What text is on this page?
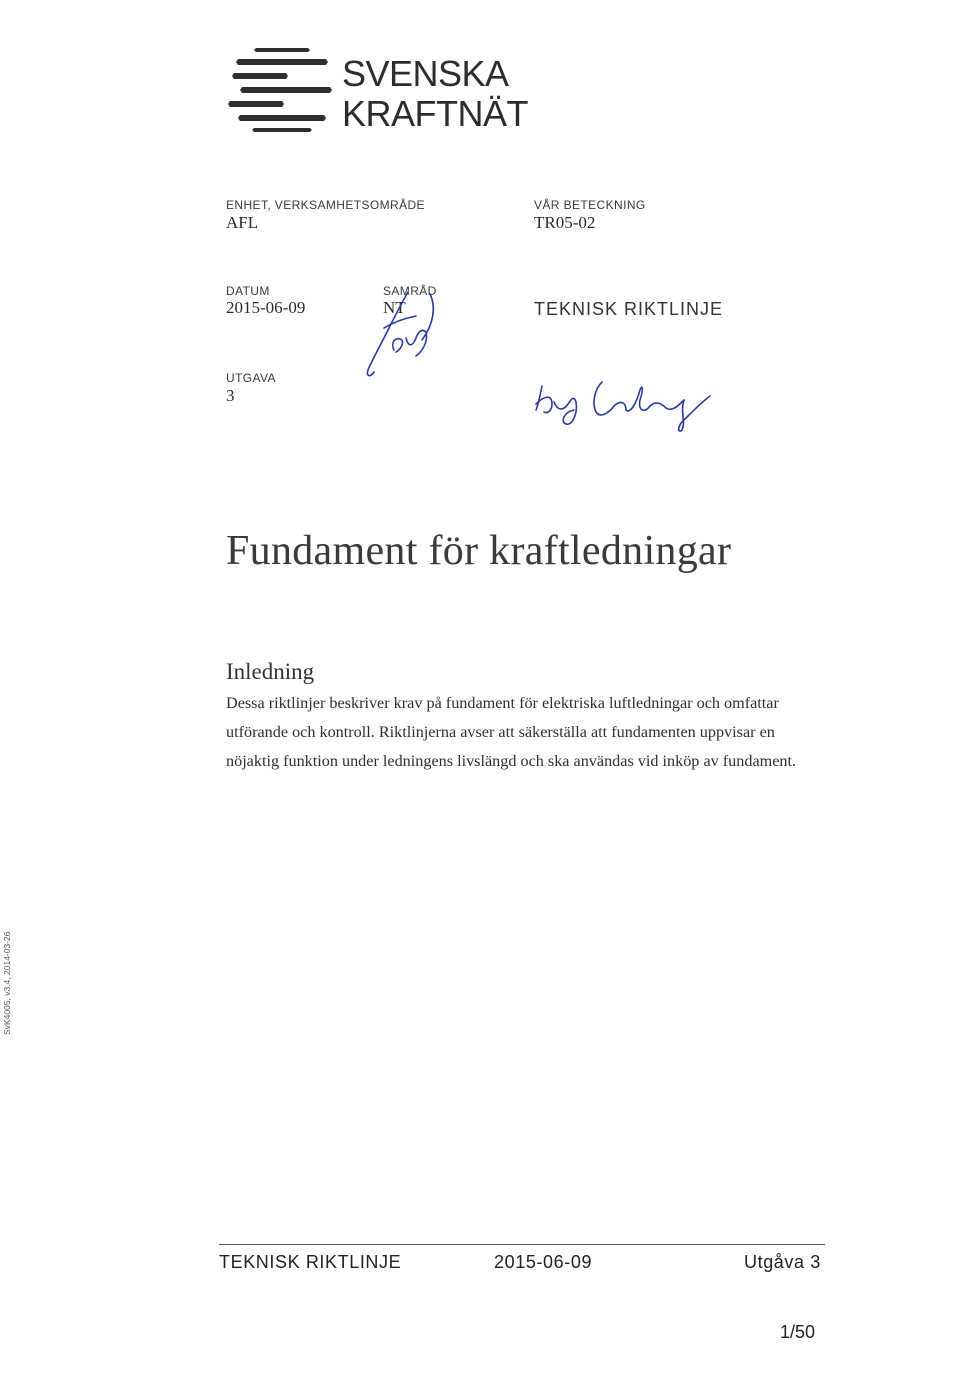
SVENSKA
KRAFTNÄT
ENHET, VERKSAMHETSOMRÅDE
AFL
VÅR BETECKNING
TR05-02
DATUM
2015-06-09
SAMRÅD
NT	TEKNISK RIKTLINJE
UTGAVA
3
Fundament för kraftledningar
Inledning
Dessa riktlinjer beskriver krav på fundament för elektriska luftledningar och omfattar utförande och kontroll. Riktlinjerna avser att säkerställa att fundamenten uppvisar en nöjaktig funktion under ledningens livslängd och ska användas vid inköp av fundament.
SvK4005, v3.4, 2014-03-26
TEKNISK RIKTLINJE	2015-06-09	Utgåva 3
1/50
